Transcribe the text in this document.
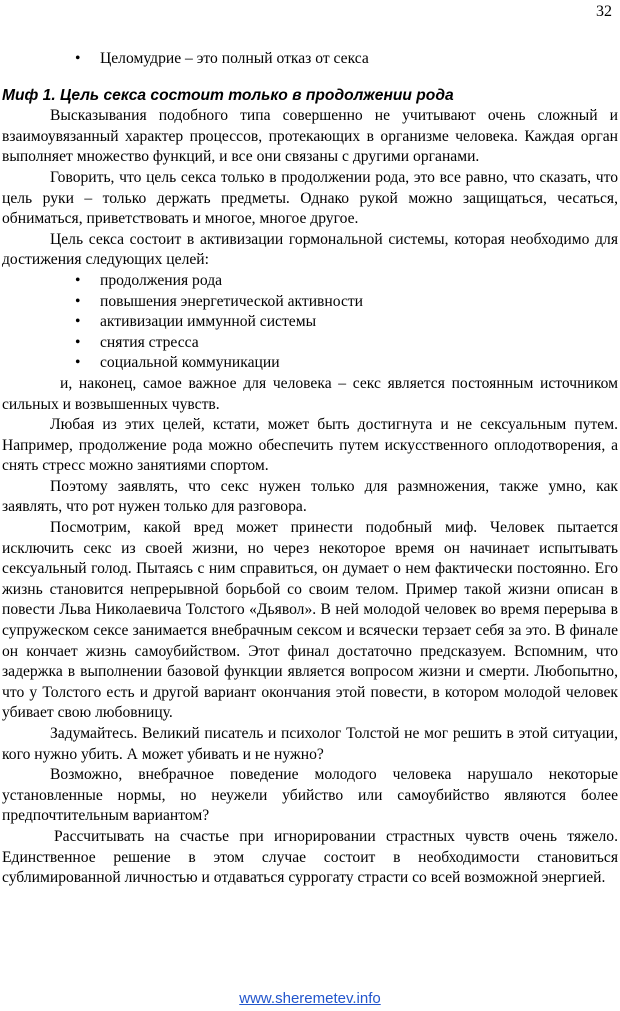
32
• Целомудрие – это полный отказ от секса

Миф 1. Цель секса состоит только в продолжении рода

Высказывания подобного типа совершенно не учитывают очень сложный и взаимоувязанный характер процессов, протекающих в организме человека. Каждая орган выполняет множество функций, и все они связаны с другими органами.

Говорить, что цель секса только в продолжении рода, это все равно, что сказать, что цель руки – только держать предметы. Однако рукой можно защищаться, чесаться, обниматься, приветствовать и многое, многое другое.

Цель секса состоит в активизации гормональной системы, которая необходимо для достижения следующих целей:

• продолжения рода
• повышения энергетической активности
• активизации иммунной системы
• снятия стресса
• социальной коммуникации

и, наконец, самое важное для человека – секс является постоянным источником сильных и возвышенных чувств.

Любая из этих целей, кстати, может быть достигнута и не сексуальным путем. Например, продолжение рода можно обеспечить путем искусственного оплодотворения, а снять стресс можно занятиями спортом.

Поэтому заявлять, что секс нужен только для размножения, также умно, как заявлять, что рот нужен только для разговора.

Посмотрим, какой вред может принести подобный миф. Человек пытается исключить секс из своей жизни, но через некоторое время он начинает испытывать сексуальный голод. Пытаясь с ним справиться, он думает о нем фактически постоянно. Его жизнь становится непрерывной борьбой со своим телом. Пример такой жизни описан в повести Льва Николаевича Толстого «Дьявол». В ней молодой человек во время перерыва в супружеском сексе занимается внебрачным сексом и всячески терзает себя за это. В финале он кончает жизнь самоубийством. Этот финал достаточно предсказуем. Вспомним, что задержка в выполнении базовой функции является вопросом жизни и смерти. Любопытно, что у Толстого есть и другой вариант окончания этой повести, в котором молодой человек убивает свою любовницу.

Задумайтесь. Великий писатель и психолог Толстой не мог решить в этой ситуации, кого нужно убить. А может убивать и не нужно?

Возможно, внебрачное поведение молодого человека нарушало некоторые установленные нормы, но неужели убийство или самоубийство являются более предпочтительным вариантом?

Рассчитывать на счастье при игнорировании страстных чувств очень тяжело. Единственное решение в этом случае состоит в необходимости становиться сублимированной личностью и отдаваться суррогату страсти со всей возможной энергией.

www.sheremetev.info
